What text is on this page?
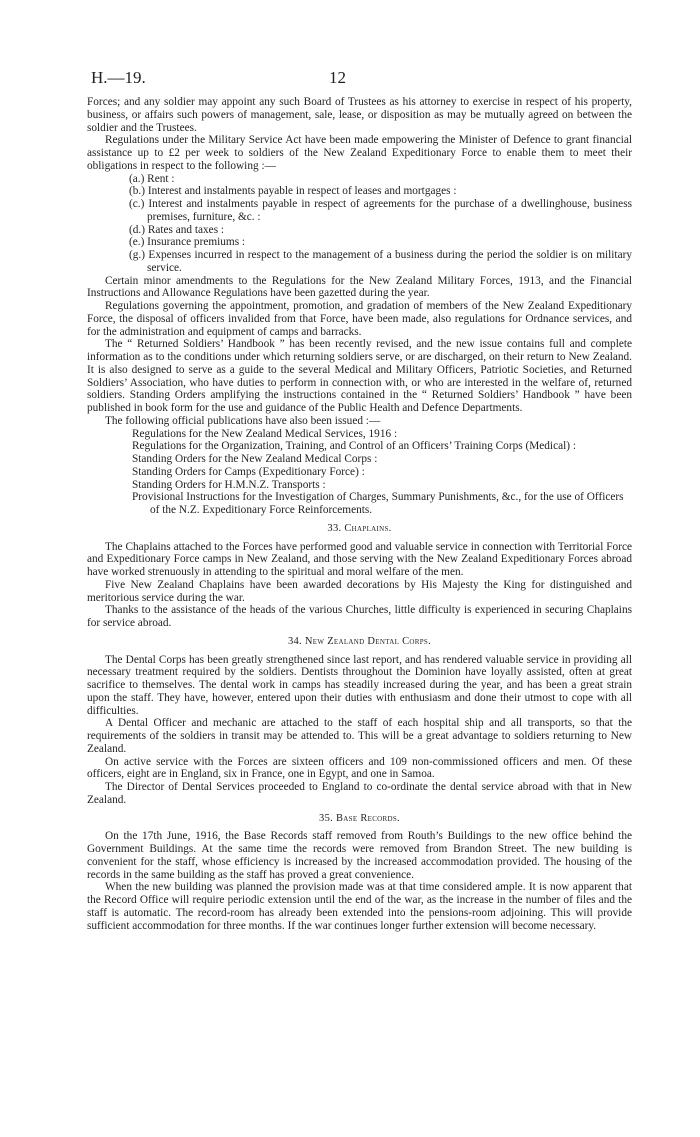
H.—19.	12

Forces; and any soldier may appoint any such Board of Trustees as his attorney to exercise in respect of his property, business, or affairs such powers of management, sale, lease, or disposition as may be mutually agreed on between the soldier and the Trustees.

Regulations under the Military Service Act have been made empowering the Minister of Defence to grant financial assistance up to £2 per week to soldiers of the New Zealand Expeditionary Force to enable them to meet their obligations in respect to the following :—

(a.) Rent :

(b.) Interest and instalments payable in respect of leases and mortgages :

(c.) Interest and instalments payable in respect of agreements for the purchase of a dwellinghouse, business premises, furniture, &c. :

(d.) Rates and taxes :

(e.) Insurance premiums :

(g.) Expenses incurred in respect to the management of a business during the period the soldier is on military service.

Certain minor amendments to the Regulations for the New Zealand Military Forces, 1913, and the Financial Instructions and Allowance Regulations have been gazetted during the year.

Regulations governing the appointment, promotion, and gradation of members of the New Zealand Expeditionary Force, the disposal of officers invalided from that Force, have been made, also regulations for Ordnance services, and for the administration and equipment of camps and barracks.

The “ Returned Soldiers’ Handbook ” has been recently revised, and the new issue contains full and complete information as to the conditions under which returning soldiers serve, or are discharged, on their return to New Zealand. It is also designed to serve as a guide to the several Medical and Military Officers, Patriotic Societies, and Returned Soldiers’ Association, who have duties to perform in connection with, or who are interested in the welfare of, returned soldiers. Standing Orders amplifying the instructions contained in the “ Returned Soldiers’ Handbook ” have been published in book form for the use and guidance of the Public Health and Defence Departments.

The following official publications have also been issued :—

Regulations for the New Zealand Medical Services, 1916 :

Regulations for the Organization, Training, and Control of an Officers’ Training Corps (Medical) :

Standing Orders for the New Zealand Medical Corps :

Standing Orders for Camps (Expeditionary Force) :

Standing Orders for H.M.N.Z. Transports :

Provisional Instructions for the Investigation of Charges, Summary Punishments, &c., for the use of Officers of the N.Z. Expeditionary Force Reinforcements.

33. Chaplains.

The Chaplains attached to the Forces have performed good and valuable service in connection with Territorial Force and Expeditionary Force camps in New Zealand, and those serving with the New Zealand Expeditionary Forces abroad have worked strenuously in attending to the spiritual and moral welfare of the men.

Five New Zealand Chaplains have been awarded decorations by His Majesty the King for distinguished and meritorious service during the war.

Thanks to the assistance of the heads of the various Churches, little difficulty is experienced in securing Chaplains for service abroad.

34. New Zealand Dental Corps.

The Dental Corps has been greatly strengthened since last report, and has rendered valuable service in providing all necessary treatment required by the soldiers. Dentists throughout the Dominion have loyally assisted, often at great sacrifice to themselves. The dental work in camps has steadily increased during the year, and has been a great strain upon the staff. They have, however, entered upon their duties with enthusiasm and done their utmost to cope with all difficulties.

A Dental Officer and mechanic are attached to the staff of each hospital ship and all transports, so that the requirements of the soldiers in transit may be attended to. This will be a great advantage to soldiers returning to New Zealand.

On active service with the Forces are sixteen officers and 109 non-commissioned officers and men. Of these officers, eight are in England, six in France, one in Egypt, and one in Samoa.

The Director of Dental Services proceeded to England to co-ordinate the dental service abroad with that in New Zealand.

35. Base Records.

On the 17th June, 1916, the Base Records staff removed from Routh’s Buildings to the new office behind the Government Buildings. At the same time the records were removed from Brandon Street. The new building is convenient for the staff, whose efficiency is increased by the increased accommodation provided. The housing of the records in the same building as the staff has proved a great convenience.

When the new building was planned the provision made was at that time considered ample. It is now apparent that the Record Office will require periodic extension until the end of the war, as the increase in the number of files and the staff is automatic. The record-room has already been extended into the pensions-room adjoining. This will provide sufficient accommodation for three months. If the war continues longer further extension will become necessary.
